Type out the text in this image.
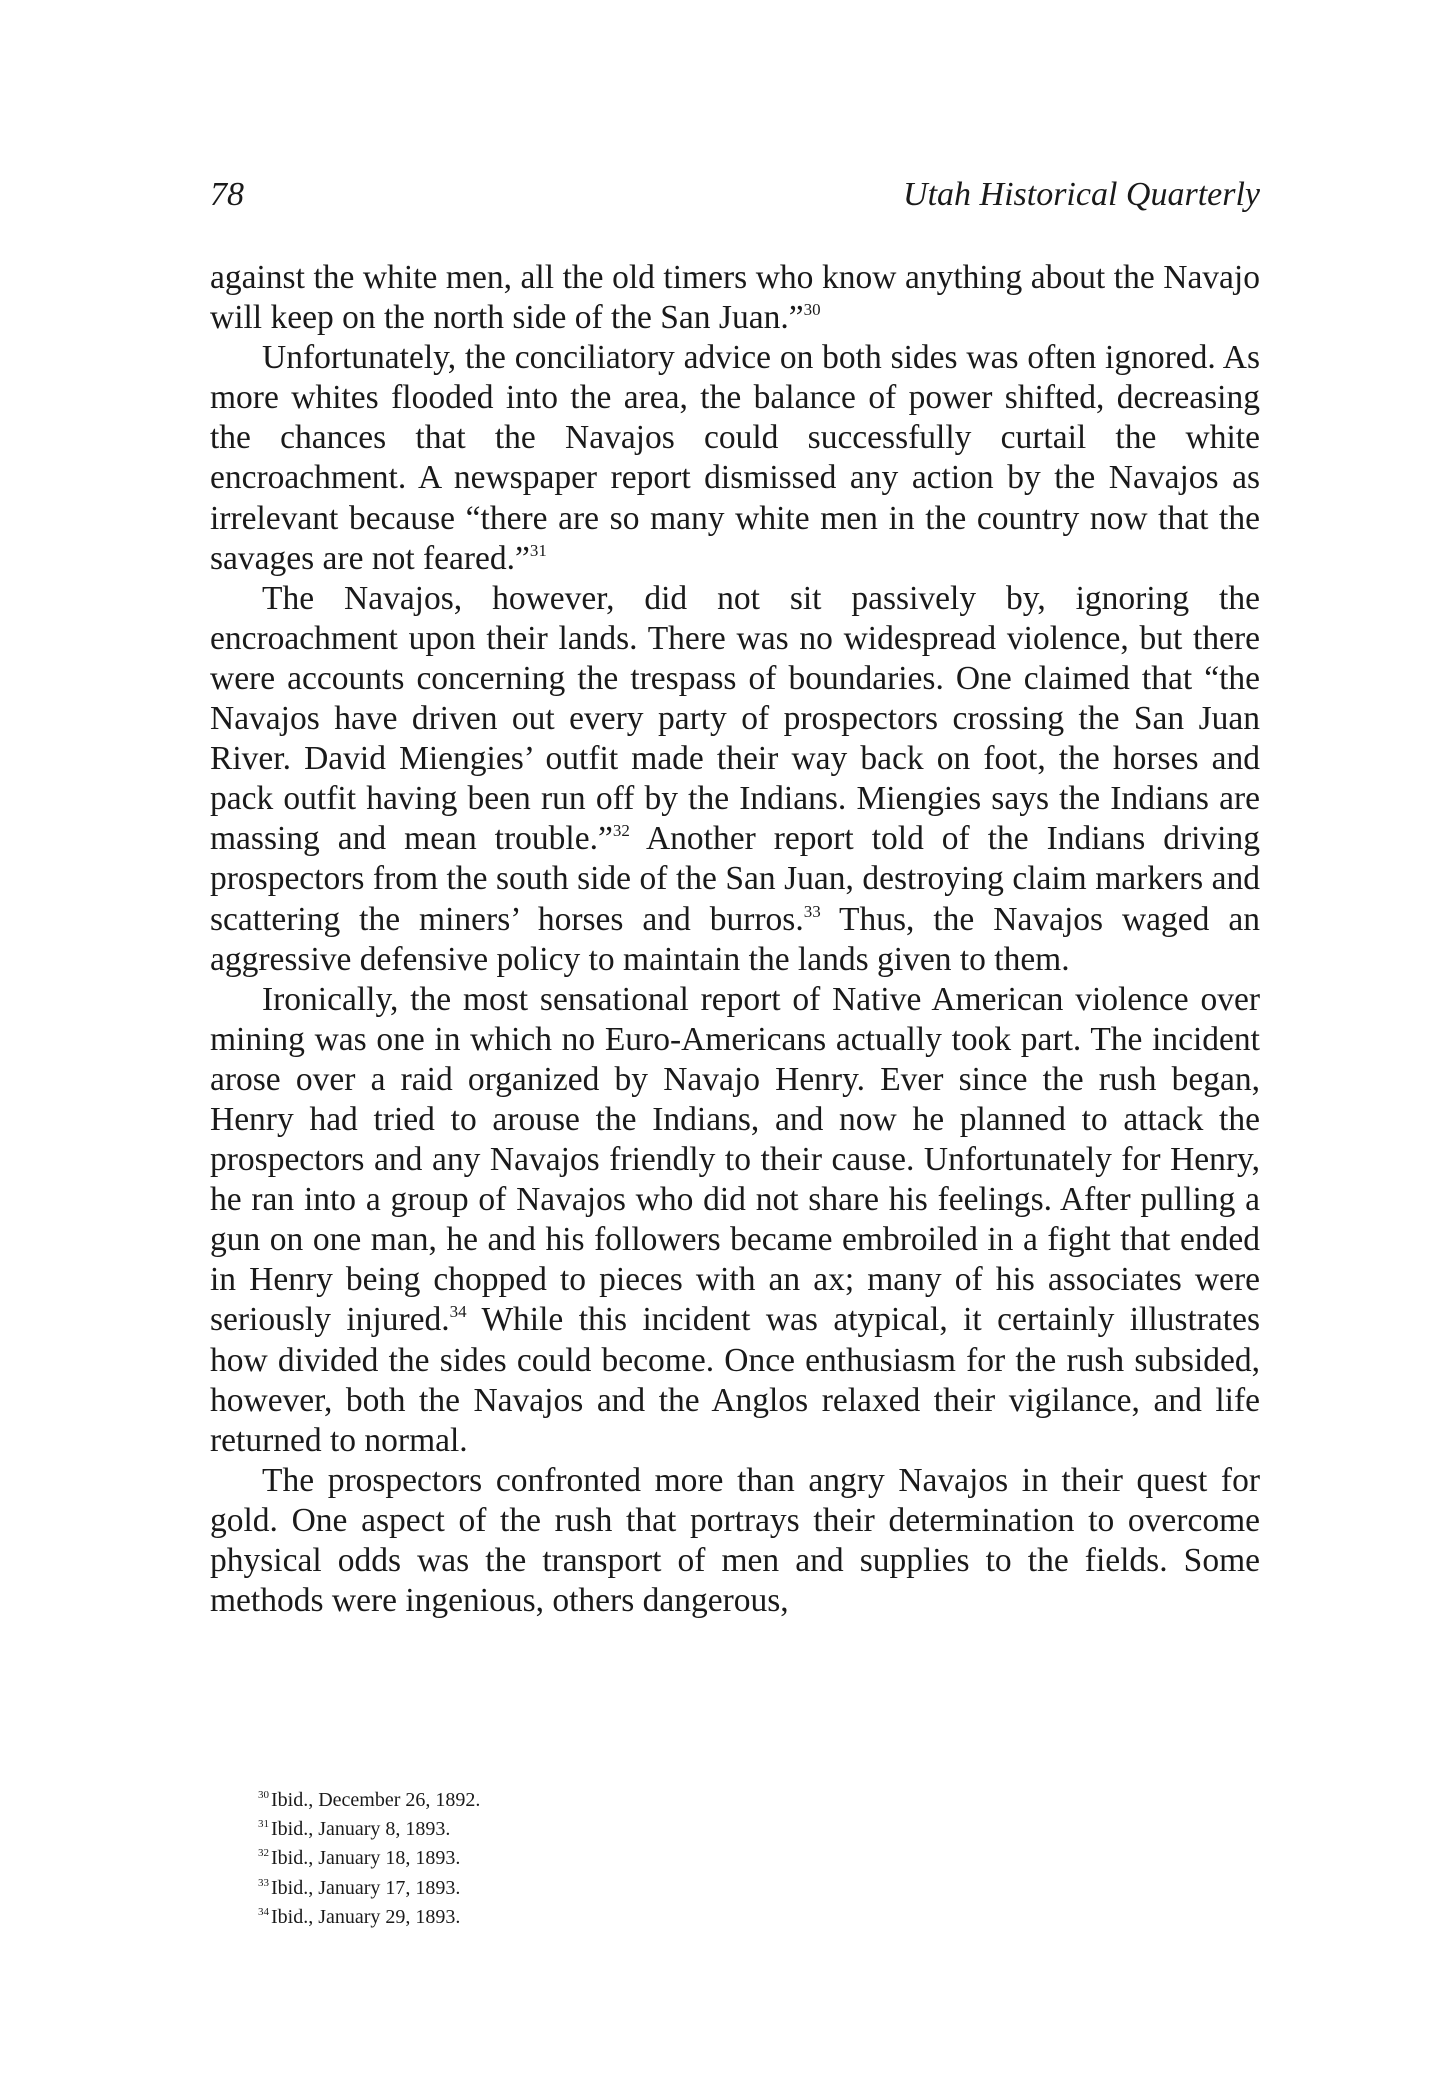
78	Utah Historical Quarterly

against the white men, all the old timers who know anything about the Navajo will keep on the north side of the San Juan.”$^{30}$

Unfortunately, the conciliatory advice on both sides was often ignored. As more whites flooded into the area, the balance of power shifted, decreasing the chances that the Navajos could successfully curtail the white encroachment. A newspaper report dismissed any action by the Navajos as irrelevant because “there are so many white men in the country now that the savages are not feared.”$^{31}$

The Navajos, however, did not sit passively by, ignoring the encroachment upon their lands. There was no widespread violence, but there were accounts concerning the trespass of boundaries. One claimed that “the Navajos have driven out every party of prospectors crossing the San Juan River. David Miengies’ outfit made their way back on foot, the horses and pack outfit having been run off by the Indians. Miengies says the Indians are massing and mean trouble.”$^{32}$ Another report told of the Indians driving prospectors from the south side of the San Juan, destroying claim markers and scattering the miners’ horses and burros.$^{33}$ Thus, the Navajos waged an aggressive defensive policy to maintain the lands given to them.

Ironically, the most sensational report of Native American violence over mining was one in which no Euro-Americans actually took part. The incident arose over a raid organized by Navajo Henry. Ever since the rush began, Henry had tried to arouse the Indians, and now he planned to attack the prospectors and any Navajos friendly to their cause. Unfortunately for Henry, he ran into a group of Navajos who did not share his feelings. After pulling a gun on one man, he and his followers became embroiled in a fight that ended in Henry being chopped to pieces with an ax; many of his associates were seriously injured.$^{34}$ While this incident was atypical, it certainly illustrates how divided the sides could become. Once enthusiasm for the rush subsided, however, both the Navajos and the Anglos relaxed their vigilance, and life returned to normal.

The prospectors confronted more than angry Navajos in their quest for gold. One aspect of the rush that portrays their determination to overcome physical odds was the transport of men and supplies to the fields. Some methods were ingenious, others dangerous,

$^{30}$ Ibid., December 26, 1892.
$^{31}$ Ibid., January 8, 1893.
$^{32}$ Ibid., January 18, 1893.
$^{33}$ Ibid., January 17, 1893.
$^{34}$ Ibid., January 29, 1893.
